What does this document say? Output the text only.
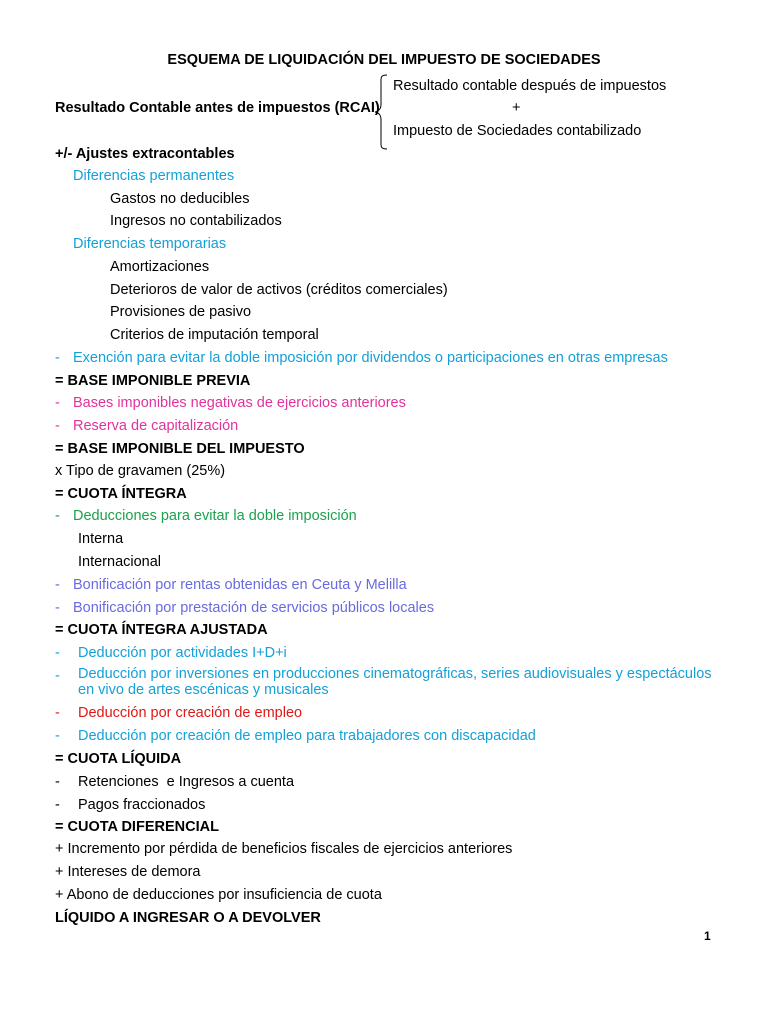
ESQUEMA DE LIQUIDACIÓN DEL IMPUESTO DE SOCIEDADES
Resultado Contable antes de impuestos (RCAI)
Resultado contable después de impuestos
+
Impuesto de Sociedades contabilizado
+/- Ajustes extracontables
Diferencias permanentes
Gastos no deducibles
Ingresos no contabilizados
Diferencias temporarias
Amortizaciones
Deterioros de valor de activos (créditos comerciales)
Provisiones de pasivo
Criterios de imputación temporal
- Exención para evitar la doble imposición por dividendos o participaciones en otras empresas
= BASE IMPONIBLE PREVIA
- Bases imponibles negativas de ejercicios anteriores
- Reserva de capitalización
= BASE IMPONIBLE DEL IMPUESTO
x Tipo de gravamen (25%)
= CUOTA ÍNTEGRA
- Deducciones para evitar la doble imposición
Interna
Internacional
- Bonificación por rentas obtenidas en Ceuta y Melilla
- Bonificación por prestación de servicios públicos locales
= CUOTA ÍNTEGRA AJUSTADA
- Deducción por actividades I+D+i
- Deducción por inversiones en producciones cinematográficas, series audiovisuales y espectáculos en vivo de artes escénicas y musicales
- Deducción por creación de empleo
- Deducción por creación de empleo para trabajadores con discapacidad
= CUOTA LÍQUIDA
- Retenciones  e Ingresos a cuenta
- Pagos fraccionados
= CUOTA DIFERENCIAL
+ Incremento por pérdida de beneficios fiscales de ejercicios anteriores
+ Intereses de demora
+ Abono de deducciones por insuficiencia de cuota
LÍQUIDO A INGRESAR O A DEVOLVER
1
